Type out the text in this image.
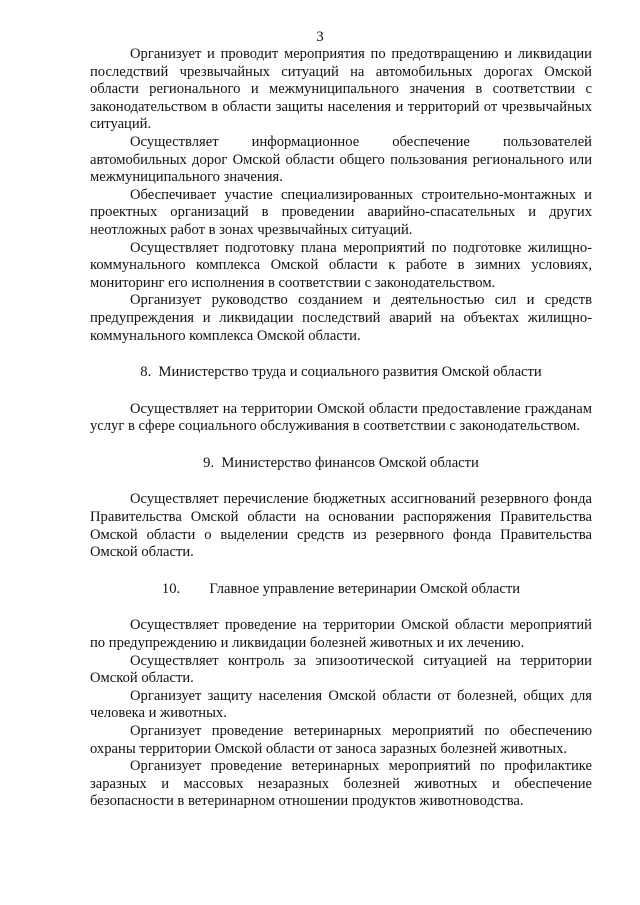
3

Организует и проводит мероприятия по предотвращению и ликвидации последствий чрезвычайных ситуаций на автомобильных дорогах Омской области регионального и межмуниципального значения в соответствии с законодательством в области защиты населения и территорий от чрезвычайных ситуаций.

Осуществляет информационное обеспечение пользователей автомобильных дорог Омской области общего пользования регионального или межмуниципального значения.

Обеспечивает участие специализированных строительно-монтажных и проектных организаций в проведении аварийно-спасательных и других неотложных работ в зонах чрезвычайных ситуаций.

Осуществляет подготовку плана мероприятий по подготовке жилищно-коммунального комплекса Омской области к работе в зимних условиях, мониторинг его исполнения в соответствии с законодательством.

Организует руководство созданием и деятельностью сил и средств предупреждения и ликвидации последствий аварий на объектах жилищно-коммунального комплекса Омской области.

8. Министерство труда и социального развития Омской области

Осуществляет на территории Омской области предоставление гражданам услуг в сфере социального обслуживания в соответствии с законодательством.

9. Министерство финансов Омской области

Осуществляет перечисление бюджетных ассигнований резервного фонда Правительства Омской области на основании распоряжения Правительства Омской области о выделении средств из резервного фонда Правительства Омской области.

10.  Главное управление ветеринарии Омской области

Осуществляет проведение на территории Омской области мероприятий по предупреждению и ликвидации болезней животных и их лечению.

Осуществляет контроль за эпизоотической ситуацией на территории Омской области.

Организует защиту населения Омской области от болезней, общих для человека и животных.

Организует проведение ветеринарных мероприятий по обеспечению охраны территории Омской области от заноса заразных болезней животных.

Организует проведение ветеринарных мероприятий по профилактике заразных и массовых незаразных болезней животных и обеспечение безопасности в ветеринарном отношении продуктов животноводства.
